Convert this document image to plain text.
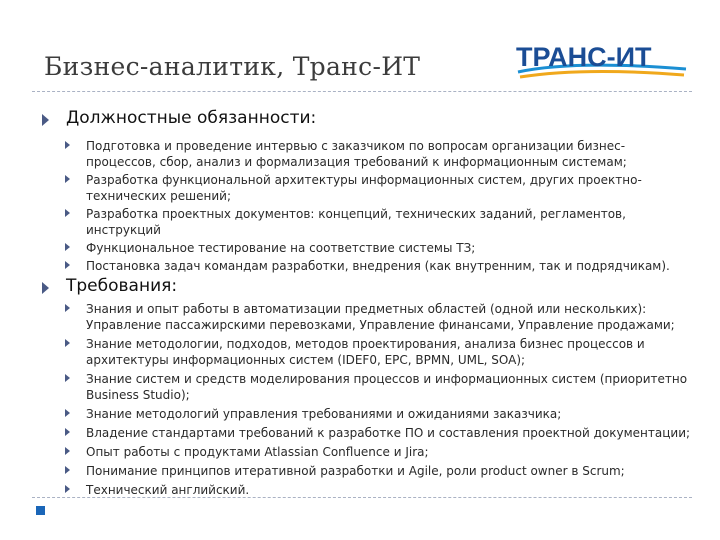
Бизнес-аналитик, Транс-ИТ	ТРАНС-ИТ
Должностные обязанности:
Подготовка и проведение интервью с заказчиком по вопросам организации бизнес-процессов, сбор, анализ и формализация требований к информационным системам;
Разработка функциональной архитектуры информационных систем, других проектно-технических решений;
Разработка проектных документов: концепций, технических заданий, регламентов, инструкций
Функциональное тестирование на соответствие системы ТЗ;
Постановка задач командам разработки, внедрения (как внутренним, так и подрядчикам).
Требования:
Знания и опыт работы в автоматизации предметных областей (одной или нескольких): Управление пассажирскими перевозками, Управление финансами, Управление продажами;
Знание методологии, подходов, методов проектирования, анализа бизнес процессов и архитектуры информационных систем (IDEF0, EPC, BPMN, UML, SOA);
Знание систем и средств моделирования процессов и информационных систем (приоритетно Business Studio);
Знание методологий управления требованиями и ожиданиями заказчика;
Владение стандартами требований к разработке ПО и составления проектной документации;
Опыт работы с продуктами Atlassian Confluence и Jira;
Понимание принципов итеративной разработки и Agile, роли product owner в Scrum;
Технический английский.
